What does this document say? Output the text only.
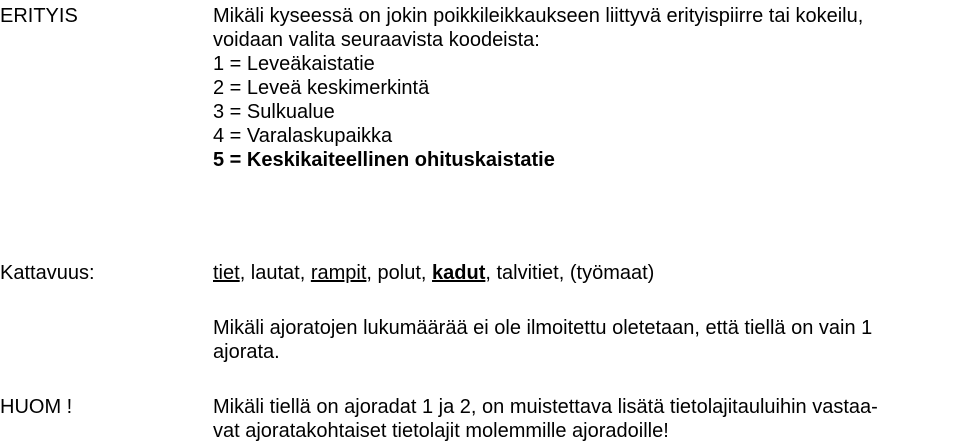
ERITYIS	Mikäli kyseessä on jokin poikkileikkaukseen liittyvä erityispiirre tai kokeilu,
voidaan valita seuraavista koodeista:
1 = Leveäkaistatie
2 = Leveä keskimerkintä
3 = Sulkualue
4 = Varalaskupaikka
5 = Keskikaiteellinen ohituskaistatie
Kattavuus:	tiet, lautat, rampit, polut, kadut, talvitiet, (työmaat)
Mikäli ajoratojen lukumäärää ei ole ilmoitettu oletetaan, että tiellä on vain 1
ajorata.
HUOM !	Mikäli tiellä on ajoradat 1 ja 2, on muistettava lisätä tietolajitauluihin vastaa-
vat ajoratakohtaiset tietolajit molemmille ajoradoille!
